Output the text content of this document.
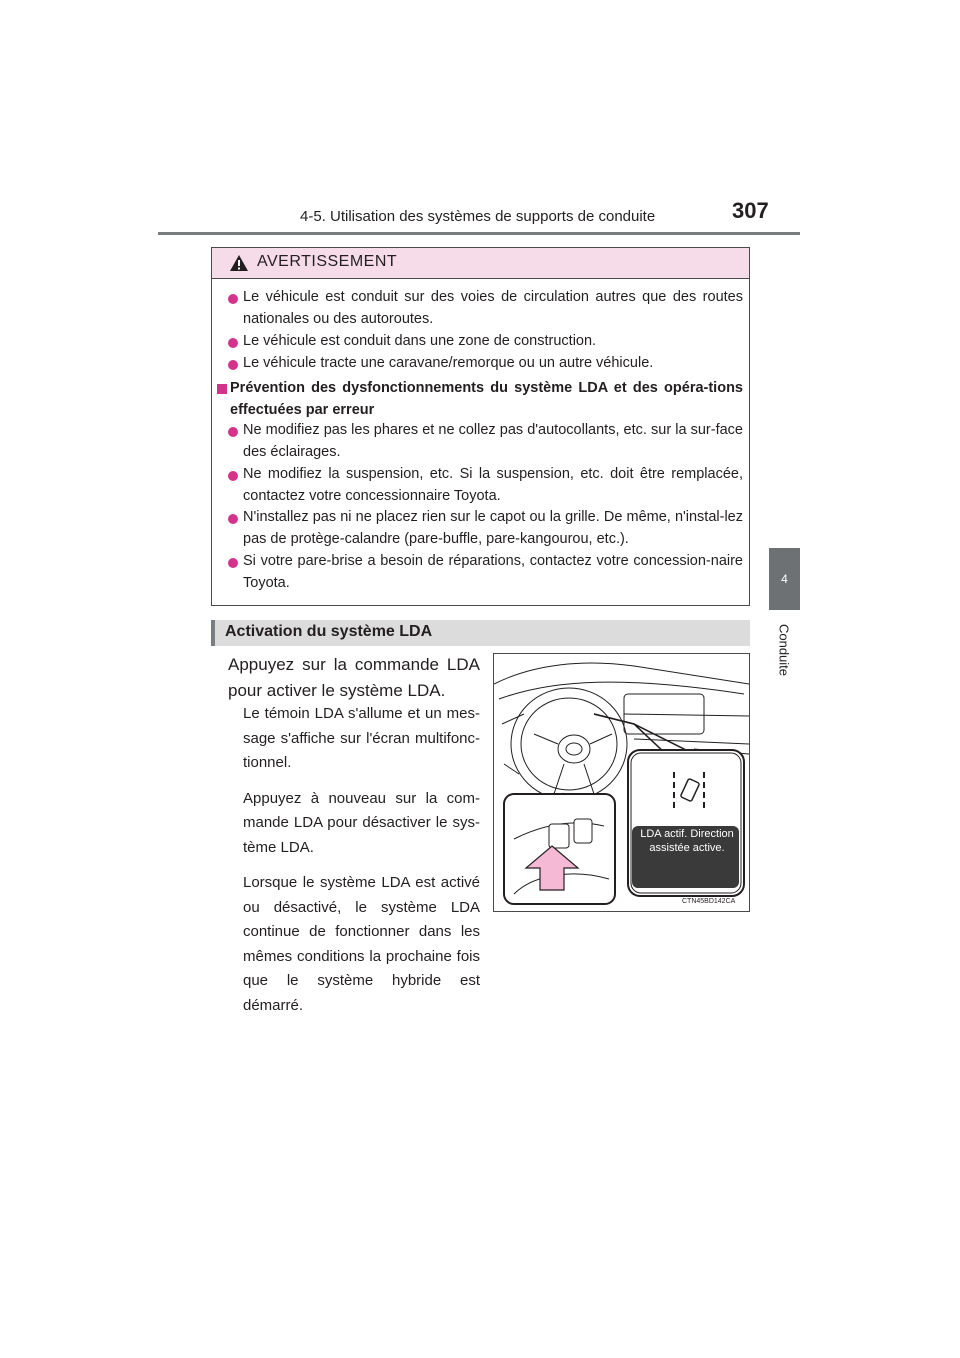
4-5. Utilisation des systèmes de supports de conduite	307
4
Conduite
AVERTISSEMENT
Le véhicule est conduit sur des voies de circulation autres que des routes nationales ou des autoroutes.
Le véhicule est conduit dans une zone de construction.
Le véhicule tracte une caravane/remorque ou un autre véhicule.
Prévention des dysfonctionnements du système LDA et des opéra-tions effectuées par erreur
Ne modifiez pas les phares et ne collez pas d'autocollants, etc. sur la sur-face des éclairages.
Ne modifiez la suspension, etc. Si la suspension, etc. doit être remplacée, contactez votre concessionnaire Toyota.
N'installez pas ni ne placez rien sur le capot ou la grille. De même, n'instal-lez pas de protège-calandre (pare-buffle, pare-kangourou, etc.).
Si votre pare-brise a besoin de réparations, contactez votre concession-naire Toyota.
Activation du système LDA
Appuyez sur la commande LDA pour activer le système LDA.

Le témoin LDA s'allume et un mes-sage s'affiche sur l'écran multifonc-tionnel.

Appuyez à nouveau sur la com-mande LDA pour désactiver le sys-tème LDA.

Lorsque le système LDA est activé ou désactivé, le système LDA continue de fonctionner dans les mêmes conditions la prochaine fois que le système hybride est démarré.

LDA actif. Direction assistée active.
CTN45BD142CA
